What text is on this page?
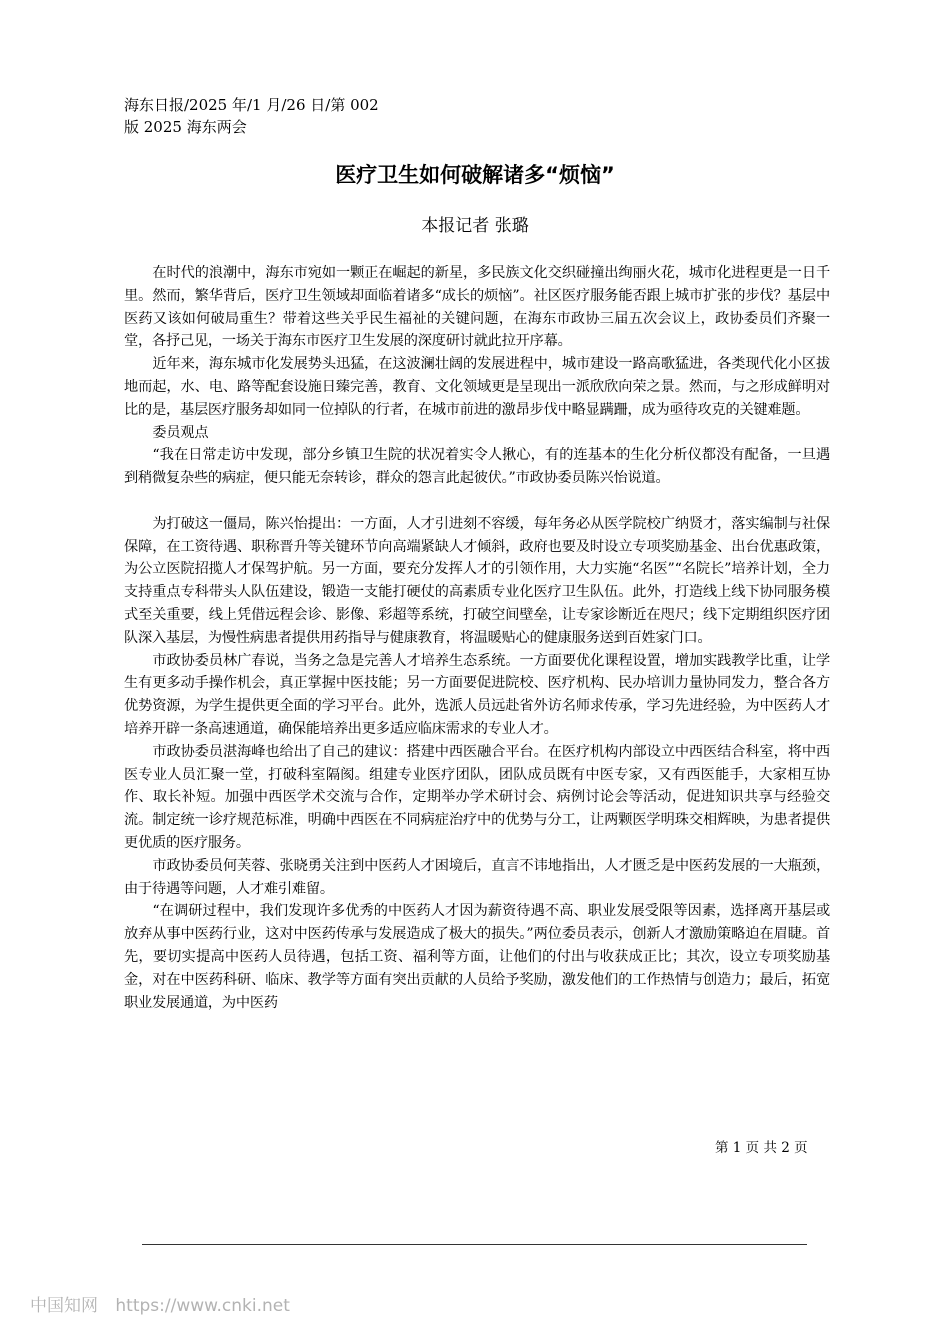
海东日报/2025 年/1 月/26 日/第 002
版 2025 海东两会
医疗卫生如何破解诸多“烦恼”
本报记者 张璐

在时代的浪潮中，海东市宛如一颗正在崛起的新星，多民族文化交织碰撞出绚丽火花，城市化进程更是一日千里。然而，繁华背后，医疗卫生领域却面临着诸多“成长的烦恼”。社区医疗服务能否跟上城市扩张的步伐？基层中医药又该如何破局重生？带着这些关乎民生福祉的关键问题，在海东市政协三届五次会议上，政协委员们齐聚一堂，各抒己见，一场关于海东市医疗卫生发展的深度研讨就此拉开序幕。

近年来，海东城市化发展势头迅猛，在这波澜壮阔的发展进程中，城市建设一路高歌猛进，各类现代化小区拔地而起，水、电、路等配套设施日臻完善，教育、文化领域更是呈现出一派欣欣向荣之景。然而，与之形成鲜明对比的是，基层医疗服务却如同一位掉队的行者，在城市前进的激昂步伐中略显蹒跚，成为亟待攻克的关键难题。

委员观点

“我在日常走访中发现，部分乡镇卫生院的状况着实令人揪心，有的连基本的生化分析仪都没有配备，一旦遇到稍微复杂些的病症，便只能无奈转诊，群众的怨言此起彼伏。”市政协委员陈兴怡说道。

为打破这一僵局，陈兴怡提出：一方面，人才引进刻不容缓，每年务必从医学院校广纳贤才，落实编制与社保保障，在工资待遇、职称晋升等关键环节向高端紧缺人才倾斜，政府也要及时设立专项奖励基金、出台优惠政策，为公立医院招揽人才保驾护航。另一方面，要充分发挥人才的引领作用，大力实施“名医”“名院长”培养计划，全力支持重点专科带头人队伍建设，锻造一支能打硬仗的高素质专业化医疗卫生队伍。此外，打造线上线下协同服务模式至关重要，线上凭借远程会诊、影像、彩超等系统，打破空间壁垒，让专家诊断近在咫尺；线下定期组织医疗团队深入基层，为慢性病患者提供用药指导与健康教育，将温暖贴心的健康服务送到百姓家门口。

市政协委员林广春说，当务之急是完善人才培养生态系统。一方面要优化课程设置，增加实践教学比重，让学生有更多动手操作机会，真正掌握中医技能；另一方面要促进院校、医疗机构、民办培训力量协同发力，整合各方优势资源，为学生提供更全面的学习平台。此外，选派人员远赴省外访名师求传承，学习先进经验，为中医药人才培养开辟一条高速通道，确保能培养出更多适应临床需求的专业人才。

市政协委员湛海峰也给出了自己的建议：搭建中西医融合平台。在医疗机构内部设立中西医结合科室，将中西医专业人员汇聚一堂，打破科室隔阂。组建专业医疗团队，团队成员既有中医专家，又有西医能手，大家相互协作、取长补短。加强中西医学术交流与合作，定期举办学术研讨会、病例讨论会等活动，促进知识共享与经验交流。制定统一诊疗规范标准，明确中西医在不同病症治疗中的优势与分工，让两颗医学明珠交相辉映，为患者提供更优质的医疗服务。

市政协委员何芙蓉、张晓勇关注到中医药人才困境后，直言不讳地指出，人才匮乏是中医药发展的一大瓶颈，由于待遇等问题，人才难引难留。

“在调研过程中，我们发现许多优秀的中医药人才因为薪资待遇不高、职业发展受限等因素，选择离开基层或放弃从事中医药行业，这对中医药传承与发展造成了极大的损失。”两位委员表示，创新人才激励策略迫在眉睫。首先，要切实提高中医药人员待遇，包括工资、福利等方面，让他们的付出与收获成正比；其次，设立专项奖励基金，对在中医药科研、临床、教学等方面有突出贡献的人员给予奖励，激发他们的工作热情与创造力；最后，拓宽职业发展通道，为中医药

第 1 页 共 2 页
中国知网 https://www.cnki.net
